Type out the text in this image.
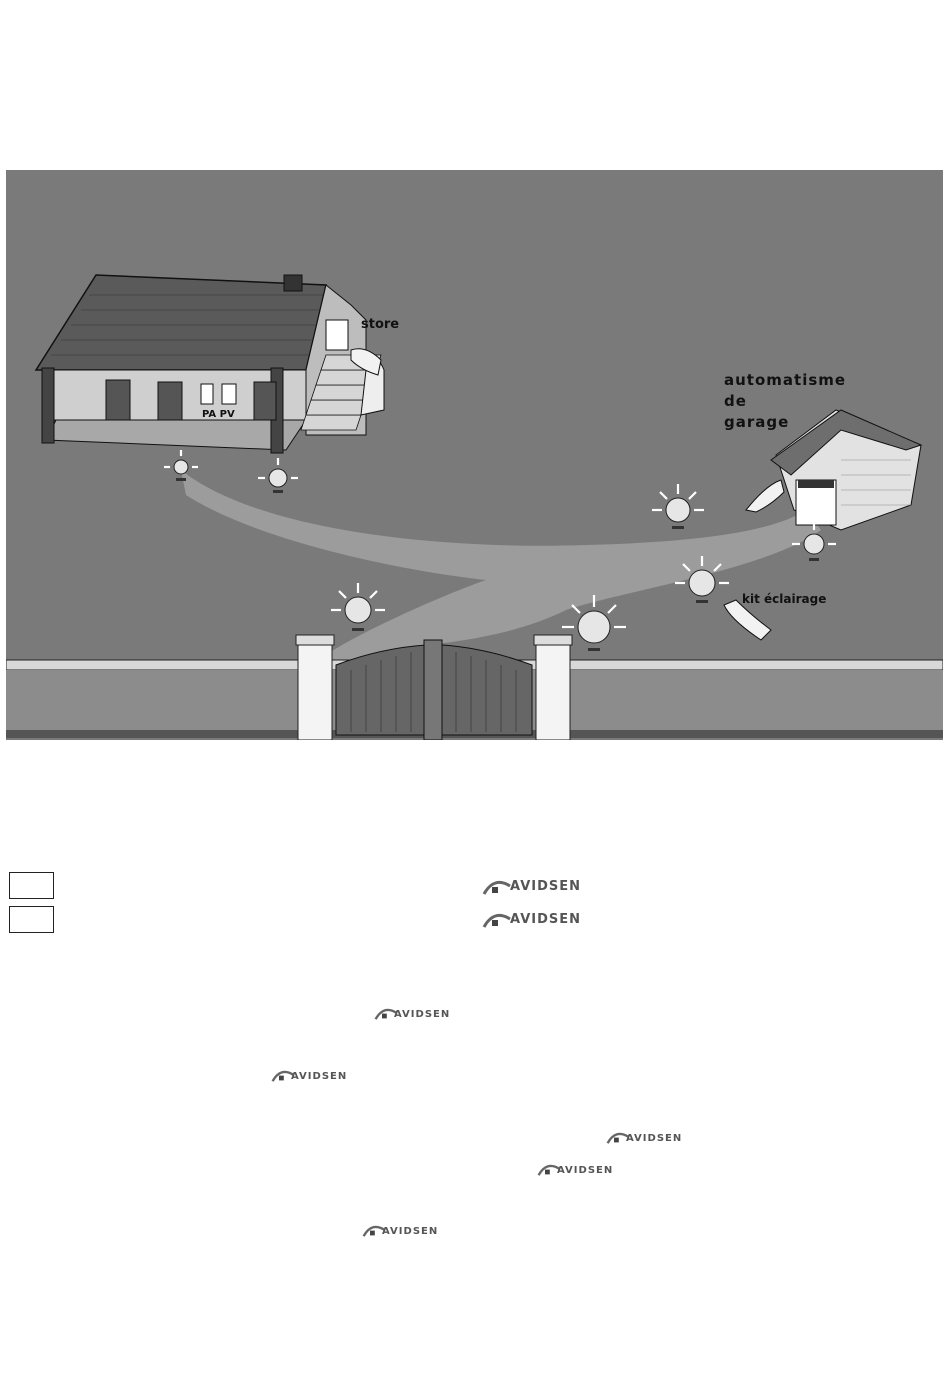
store
automatisme
de
garage
kit éclairage
PA PV
AVIDSEN
AVIDSEN
AVIDSEN
AVIDSEN
AVIDSEN
AVIDSEN
AVIDSEN
